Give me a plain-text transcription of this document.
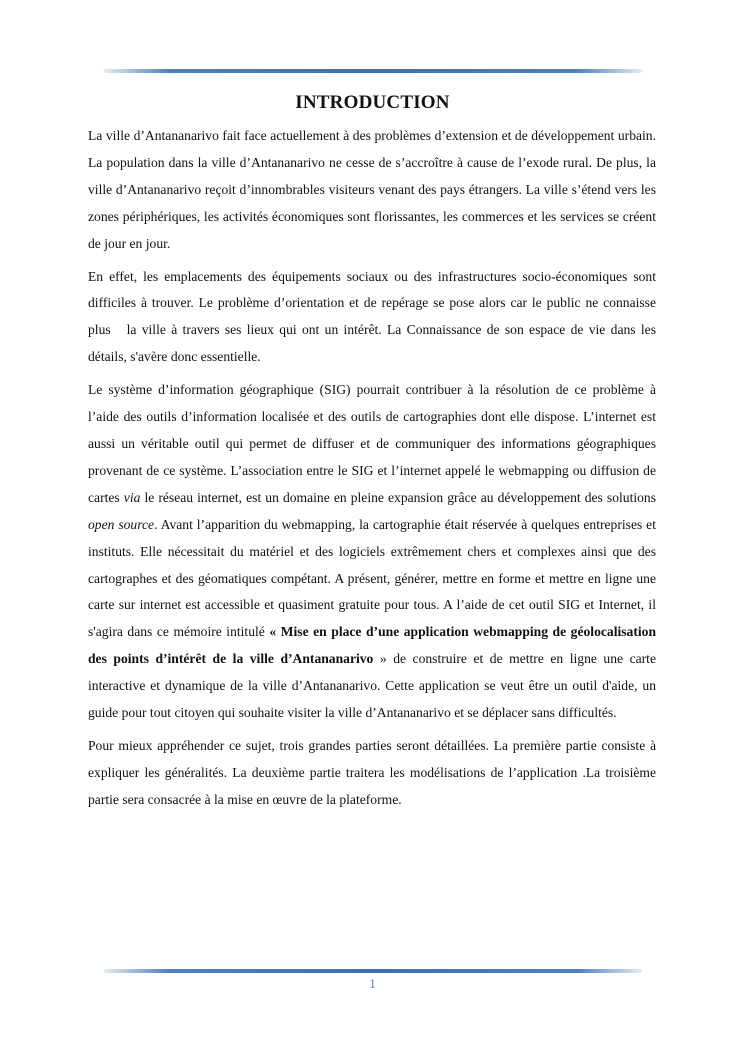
INTRODUCTION

La ville d’Antananarivo fait face actuellement à des problèmes d’extension et de développement urbain. La population dans la ville d’Antananarivo ne cesse de s’accroître à cause de l’exode rural. De plus, la ville d’Antananarivo reçoit d’innombrables visiteurs venant des pays étrangers. La ville s’étend vers les zones périphériques, les activités économiques sont florissantes, les commerces et les services se créent de jour en jour.

En effet, les emplacements des équipements sociaux ou des infrastructures socio-économiques sont difficiles à trouver. Le problème d’orientation et de repérage se pose alors car le public ne connaisse plus   la ville à travers ses lieux qui ont un intérêt. La Connaissance de son espace de vie dans les détails, s'avère donc essentielle.

Le système d’information géographique (SIG) pourrait contribuer à la résolution de ce problème à l’aide des outils d’information localisée et des outils de cartographies dont elle dispose. L’internet est aussi un véritable outil qui permet de diffuser et de communiquer des informations géographiques provenant de ce système. L’association entre le SIG et l’internet appelé le webmapping ou diffusion de cartes via le réseau internet, est un domaine en pleine expansion grâce au développement des solutions open source. Avant l’apparition du webmapping, la cartographie était réservée à quelques entreprises et instituts. Elle nécessitait du matériel et des logiciels extrêmement chers et complexes ainsi que des cartographes et des géomatiques compétant. A présent, générer, mettre en forme et mettre en ligne une carte sur internet est accessible et quasiment gratuite pour tous. A l’aide de cet outil SIG et Internet, il s'agira dans ce mémoire intitulé « Mise en place d’une application webmapping de géolocalisation des points d’intérêt de la ville d’Antananarivo » de construire et de mettre en ligne une carte interactive et dynamique de la ville d’Antananarivo. Cette application se veut être un outil d'aide, un guide pour tout citoyen qui souhaite visiter la ville d’Antananarivo et se déplacer sans difficultés.

Pour mieux appréhender ce sujet, trois grandes parties seront détaillées. La première partie consiste à expliquer les généralités. La deuxième partie traitera les modélisations de l’application .La troisième partie sera consacrée à la mise en œuvre de la plateforme.

1
